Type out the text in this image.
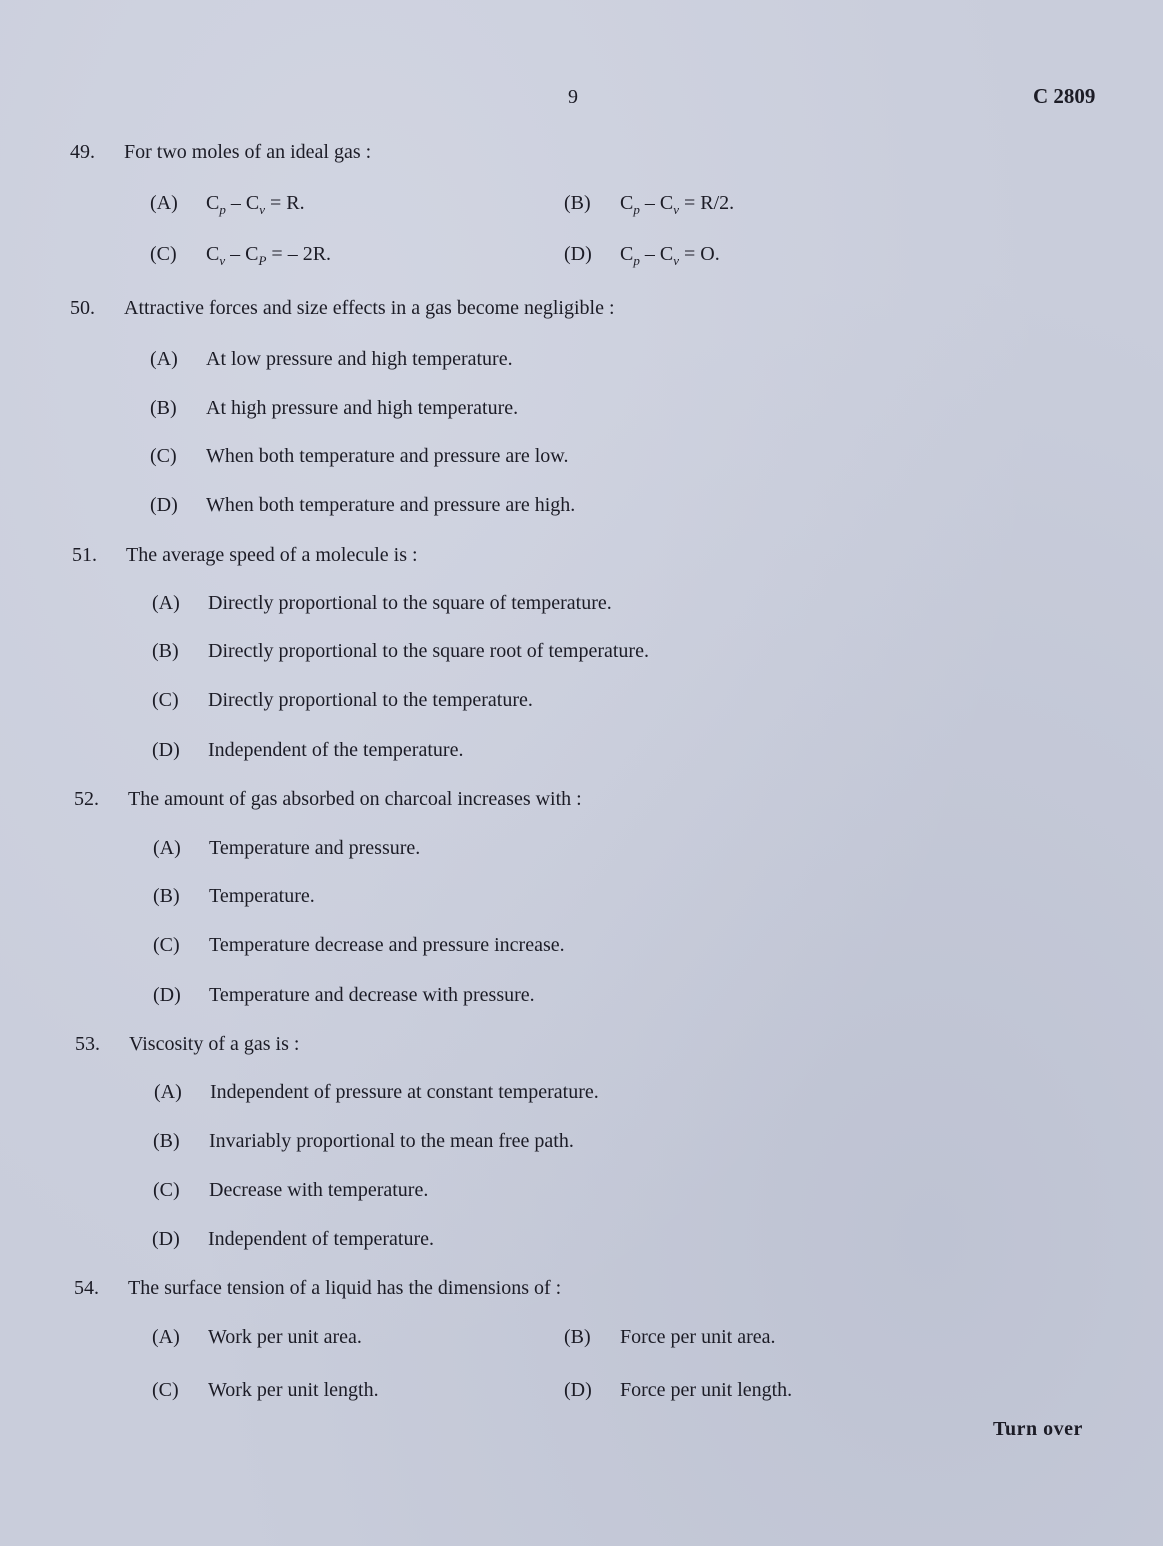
9	C 2809
49. For two moles of an ideal gas :
(A) $C_p - C_v = R$.	(B) $C_p - C_v = R/2$.
(C) $C_v - C_P$ = – 2R.	(D) $C_p - C_v = O$.
50. Attractive forces and size effects in a gas become negligible :
(A) At low pressure and high temperature.
(B) At high pressure and high temperature.
(C) When both temperature and pressure are low.
(D) When both temperature and pressure are high.
51. The average speed of a molecule is :
(A) Directly proportional to the square of temperature.
(B) Directly proportional to the square root of temperature.
(C) Directly proportional to the temperature.
(D) Independent of the temperature.
52. The amount of gas absorbed on charcoal increases with :
(A) Temperature and pressure.
(B) Temperature.
(C) Temperature decrease and pressure increase.
(D) Temperature and decrease with pressure.
53. Viscosity of a gas is :
(A) Independent of pressure at constant temperature.
(B) Invariably proportional to the mean free path.
(C) Decrease with temperature.
(D) Independent of temperature.
54. The surface tension of a liquid has the dimensions of :
(A) Work per unit area.	(B) Force per unit area.
(C) Work per unit length.	(D) Force per unit length.
Turn over
